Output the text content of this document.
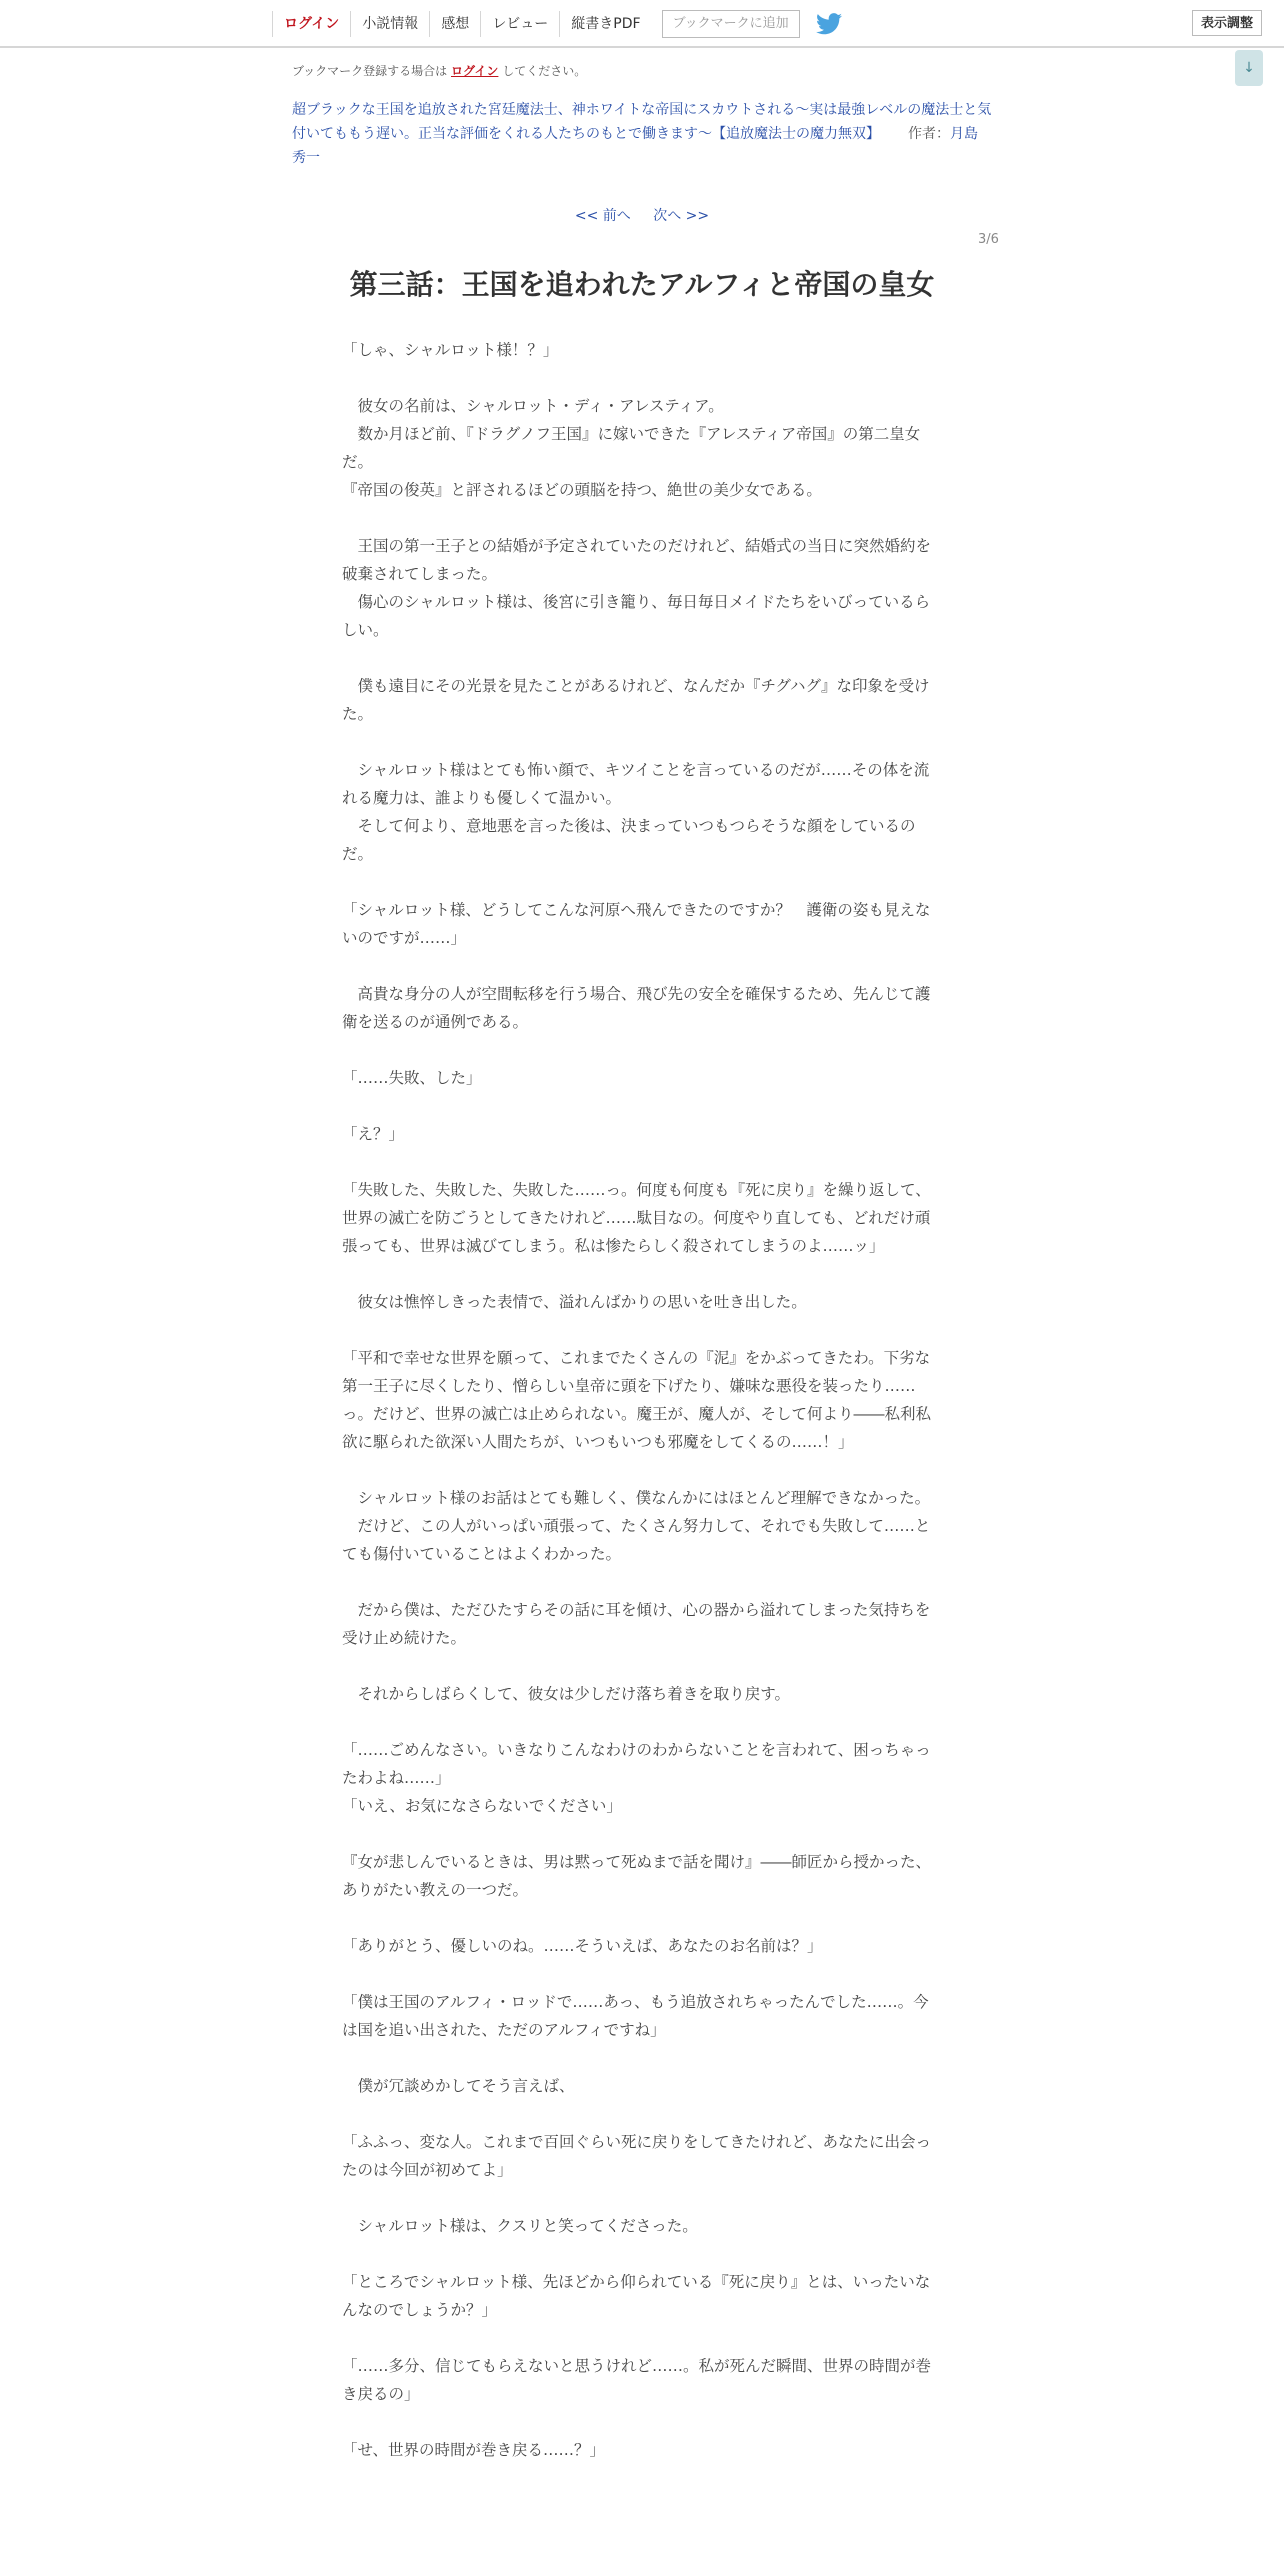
ログイン	小説情報	感想	レビュー	縦書きPDF	ブックマークに追加	表示調整
↓
ブックマーク登録する場合は ログイン してください。
超ブラックな王国を追放された宮廷魔法士、神ホワイトな帝国にスカウトされる～実は最強レベルの魔法士と気付いてももう遅い。正当な評価をくれる人たちのもとで働きます～【追放魔法士の魔力無双】   作者：月島 秀一
<< 前へ 次へ >>
3/6
第三話：王国を追われたアルフィと帝国の皇女

「しゃ、シャルロット様！？」

　彼女の名前は、シャルロット・ディ・アレスティア。

　数か月ほど前、『ドラグノフ王国』に嫁いできた『アレスティア帝国』の第二皇女だ。

『帝国の俊英』と評されるほどの頭脳を持つ、絶世の美少女である。

　王国の第一王子との結婚が予定されていたのだけれど、結婚式の当日に突然婚約を破棄されてしまった。

　傷心のシャルロット様は、後宮に引き籠り、毎日毎日メイドたちをいびっているらしい。

　僕も遠目にその光景を見たことがあるけれど、なんだか『チグハグ』な印象を受けた。

　シャルロット様はとても怖い顔で、キツイことを言っているのだが……その体を流れる魔力は、誰よりも優しくて温かい。

　そして何より、意地悪を言った後は、決まっていつもつらそうな顔をしているのだ。

「シャルロット様、どうしてこんな河原へ飛んできたのですか？　護衛の姿も見えないのですが……」

　高貴な身分の人が空間転移を行う場合、飛び先の安全を確保するため、先んじて護衛を送るのが通例である。

「……失敗、した」

「え？」

「失敗した、失敗した、失敗した……っ。何度も何度も『死に戻り』を繰り返して、世界の滅亡を防ごうとしてきたけれど……駄目なの。何度やり直しても、どれだけ頑張っても、世界は滅びてしまう。私は惨たらしく殺されてしまうのよ……ッ」

　彼女は憔悴しきった表情で、溢れんばかりの思いを吐き出した。

「平和で幸せな世界を願って、これまでたくさんの『泥』をかぶってきたわ。下劣な第一王子に尽くしたり、憎らしい皇帝に頭を下げたり、嫌味な悪役を装ったり……っ。だけど、世界の滅亡は止められない。魔王が、魔人が、そして何より――私利私欲に駆られた欲深い人間たちが、いつもいつも邪魔をしてくるの……！」

　シャルロット様のお話はとても難しく、僕なんかにはほとんど理解できなかった。

　だけど、この人がいっぱい頑張って、たくさん努力して、それでも失敗して……とても傷付いていることはよくわかった。

　だから僕は、ただひたすらその話に耳を傾け、心の器から溢れてしまった気持ちを受け止め続けた。

　それからしばらくして、彼女は少しだけ落ち着きを取り戻す。

「……ごめんなさい。いきなりこんなわけのわからないことを言われて、困っちゃったわよね……」

「いえ、お気になさらないでください」

『女が悲しんでいるときは、男は黙って死ぬまで話を聞け』――師匠から授かった、ありがたい教えの一つだ。

「ありがとう、優しいのね。……そういえば、あなたのお名前は？」

「僕は王国のアルフィ・ロッドで……あっ、もう追放されちゃったんでした……。今は国を追い出された、ただのアルフィですね」

　僕が冗談めかしてそう言えば、

「ふふっ、変な人。これまで百回ぐらい死に戻りをしてきたけれど、あなたに出会ったのは今回が初めてよ」

　シャルロット様は、クスリと笑ってくださった。

「ところでシャルロット様、先ほどから仰られている『死に戻り』とは、いったいなんなのでしょうか？」

「……多分、信じてもらえないと思うけれど……。私が死んだ瞬間、世界の時間が巻き戻るの」

「せ、世界の時間が巻き戻る……？」
